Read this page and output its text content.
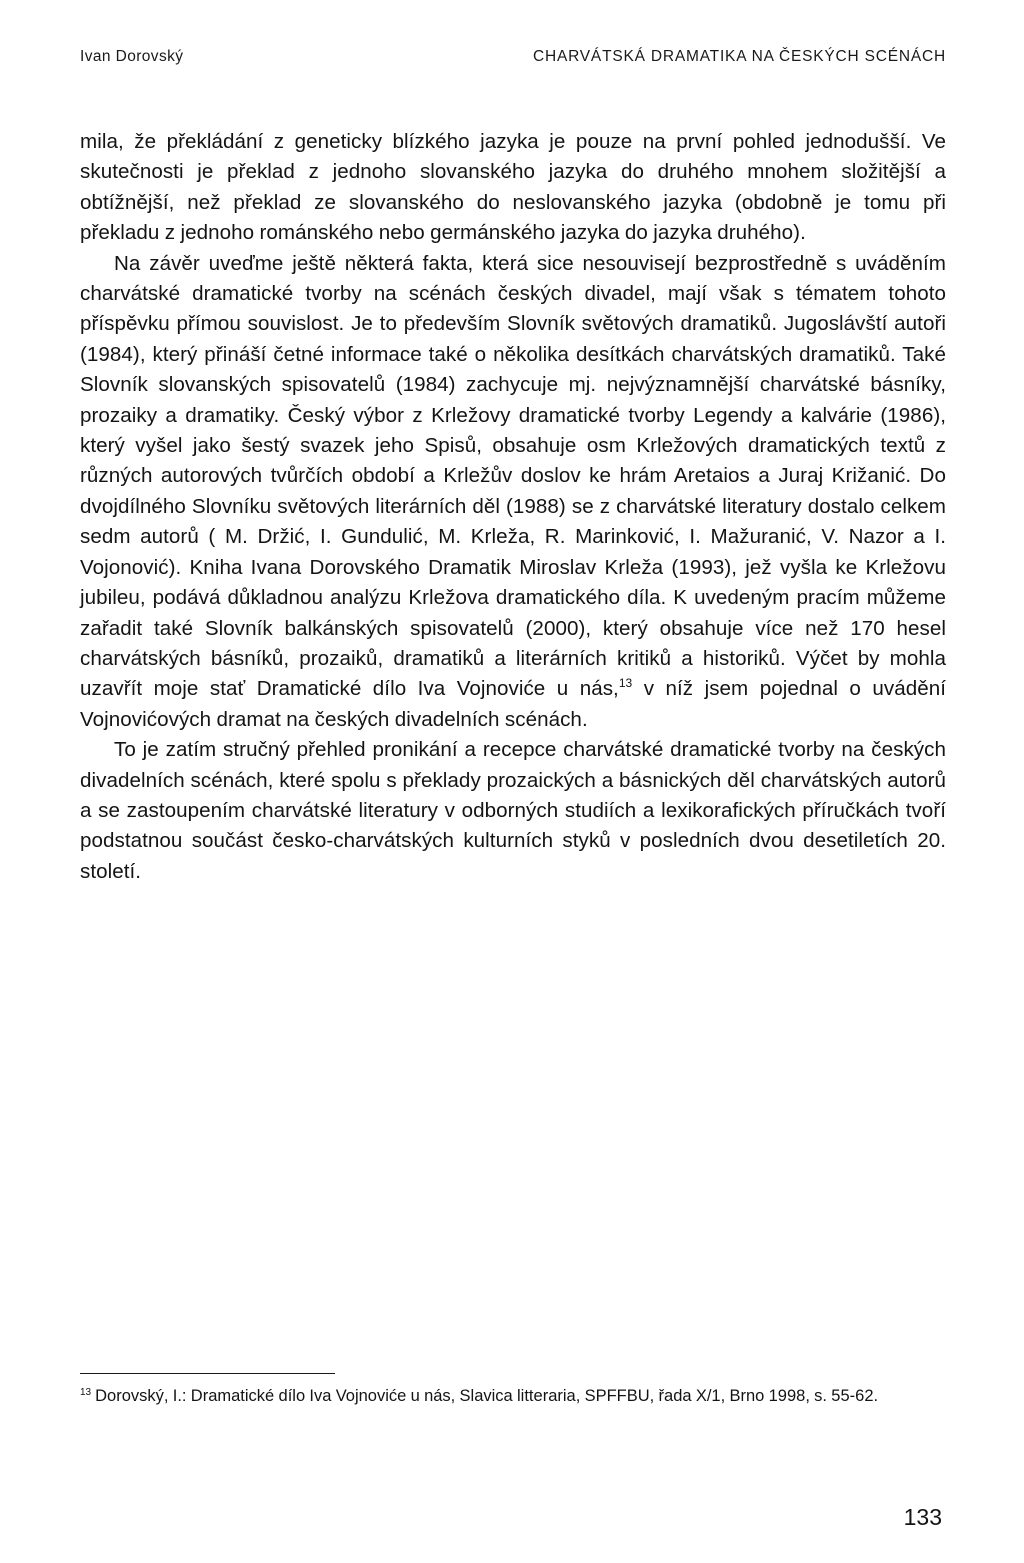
Ivan Dorovský	CHARVÁTSKÁ DRAMATIKA NA ČESKÝCH SCÉNÁCH

mila, že překládání z geneticky blízkého jazyka je pouze na první pohled jednodušší. Ve skutečnosti je překlad z jednoho slovanského jazyka do druhého mnohem složitější a obtížnější, než překlad ze slovanského do neslovanského jazyka (obdobně je tomu při překladu z jednoho románského nebo germánského jazyka do jazyka druhého).

Na závěr uveďme ještě některá fakta, která sice nesouvisejí bezprostředně s uváděním charvátské dramatické tvorby na scénách českých divadel, mají však s tématem tohoto příspěvku přímou souvislost. Je to především Slovník světových dramatiků. Jugoslávští autoři (1984), který přináší četné informace také o několika desítkách charvátských dramatiků. Také Slovník slovanských spisovatelů (1984) zachycuje mj. nejvýznamnější charvátské básníky, prozaiky a dramatiky. Český výbor z Krležovy dramatické tvorby Legendy a kalvárie (1986), který vyšel jako šestý svazek jeho Spisů, obsahuje osm Krležových dramatických textů z různých autorových tvůrčích období a Krležův doslov ke hrám Aretaios a Juraj Križanić. Do dvojdílného Slovníku světových literárních děl (1988) se z charvátské literatury dostalo celkem sedm autorů ( M. Držić, I. Gundulić, M. Krleža, R. Marinković, I. Mažuranić, V. Nazor a I. Vojonović). Kniha Ivana Dorovského Dramatik Miroslav Krleža (1993), jež vyšla ke Krležovu jubileu, podává důkladnou analýzu Krležova dramatického díla. K uvedeným pracím můžeme zařadit také Slovník balkánských spisovatelů (2000), který obsahuje více než 170 hesel charvátských básníků, prozaiků, dramatiků a literárních kritiků a historiků. Výčet by mohla uzavřít moje stať Dramatické dílo Iva Vojnoviće u nás,$^{13}$ v níž jsem pojednal o uvádění Vojnovićových dramat na českých divadelních scénách.

To je zatím stručný přehled pronikání a recepce charvátské dramatické tvorby na českých divadelních scénách, které spolu s překlady prozaických a básnických děl charvátských autorů a se zastoupením charvátské literatury v odborných studiích a lexikorafických příručkách tvoří podstatnou součást česko-charvátských kulturních styků v posledních dvou desetiletích 20. století.

$^{13}$ Dorovský, I.: Dramatické dílo Iva Vojnoviće u nás, Slavica litteraria, SPFFBU, řada X/1, Brno 1998, s. 55-62.
133
